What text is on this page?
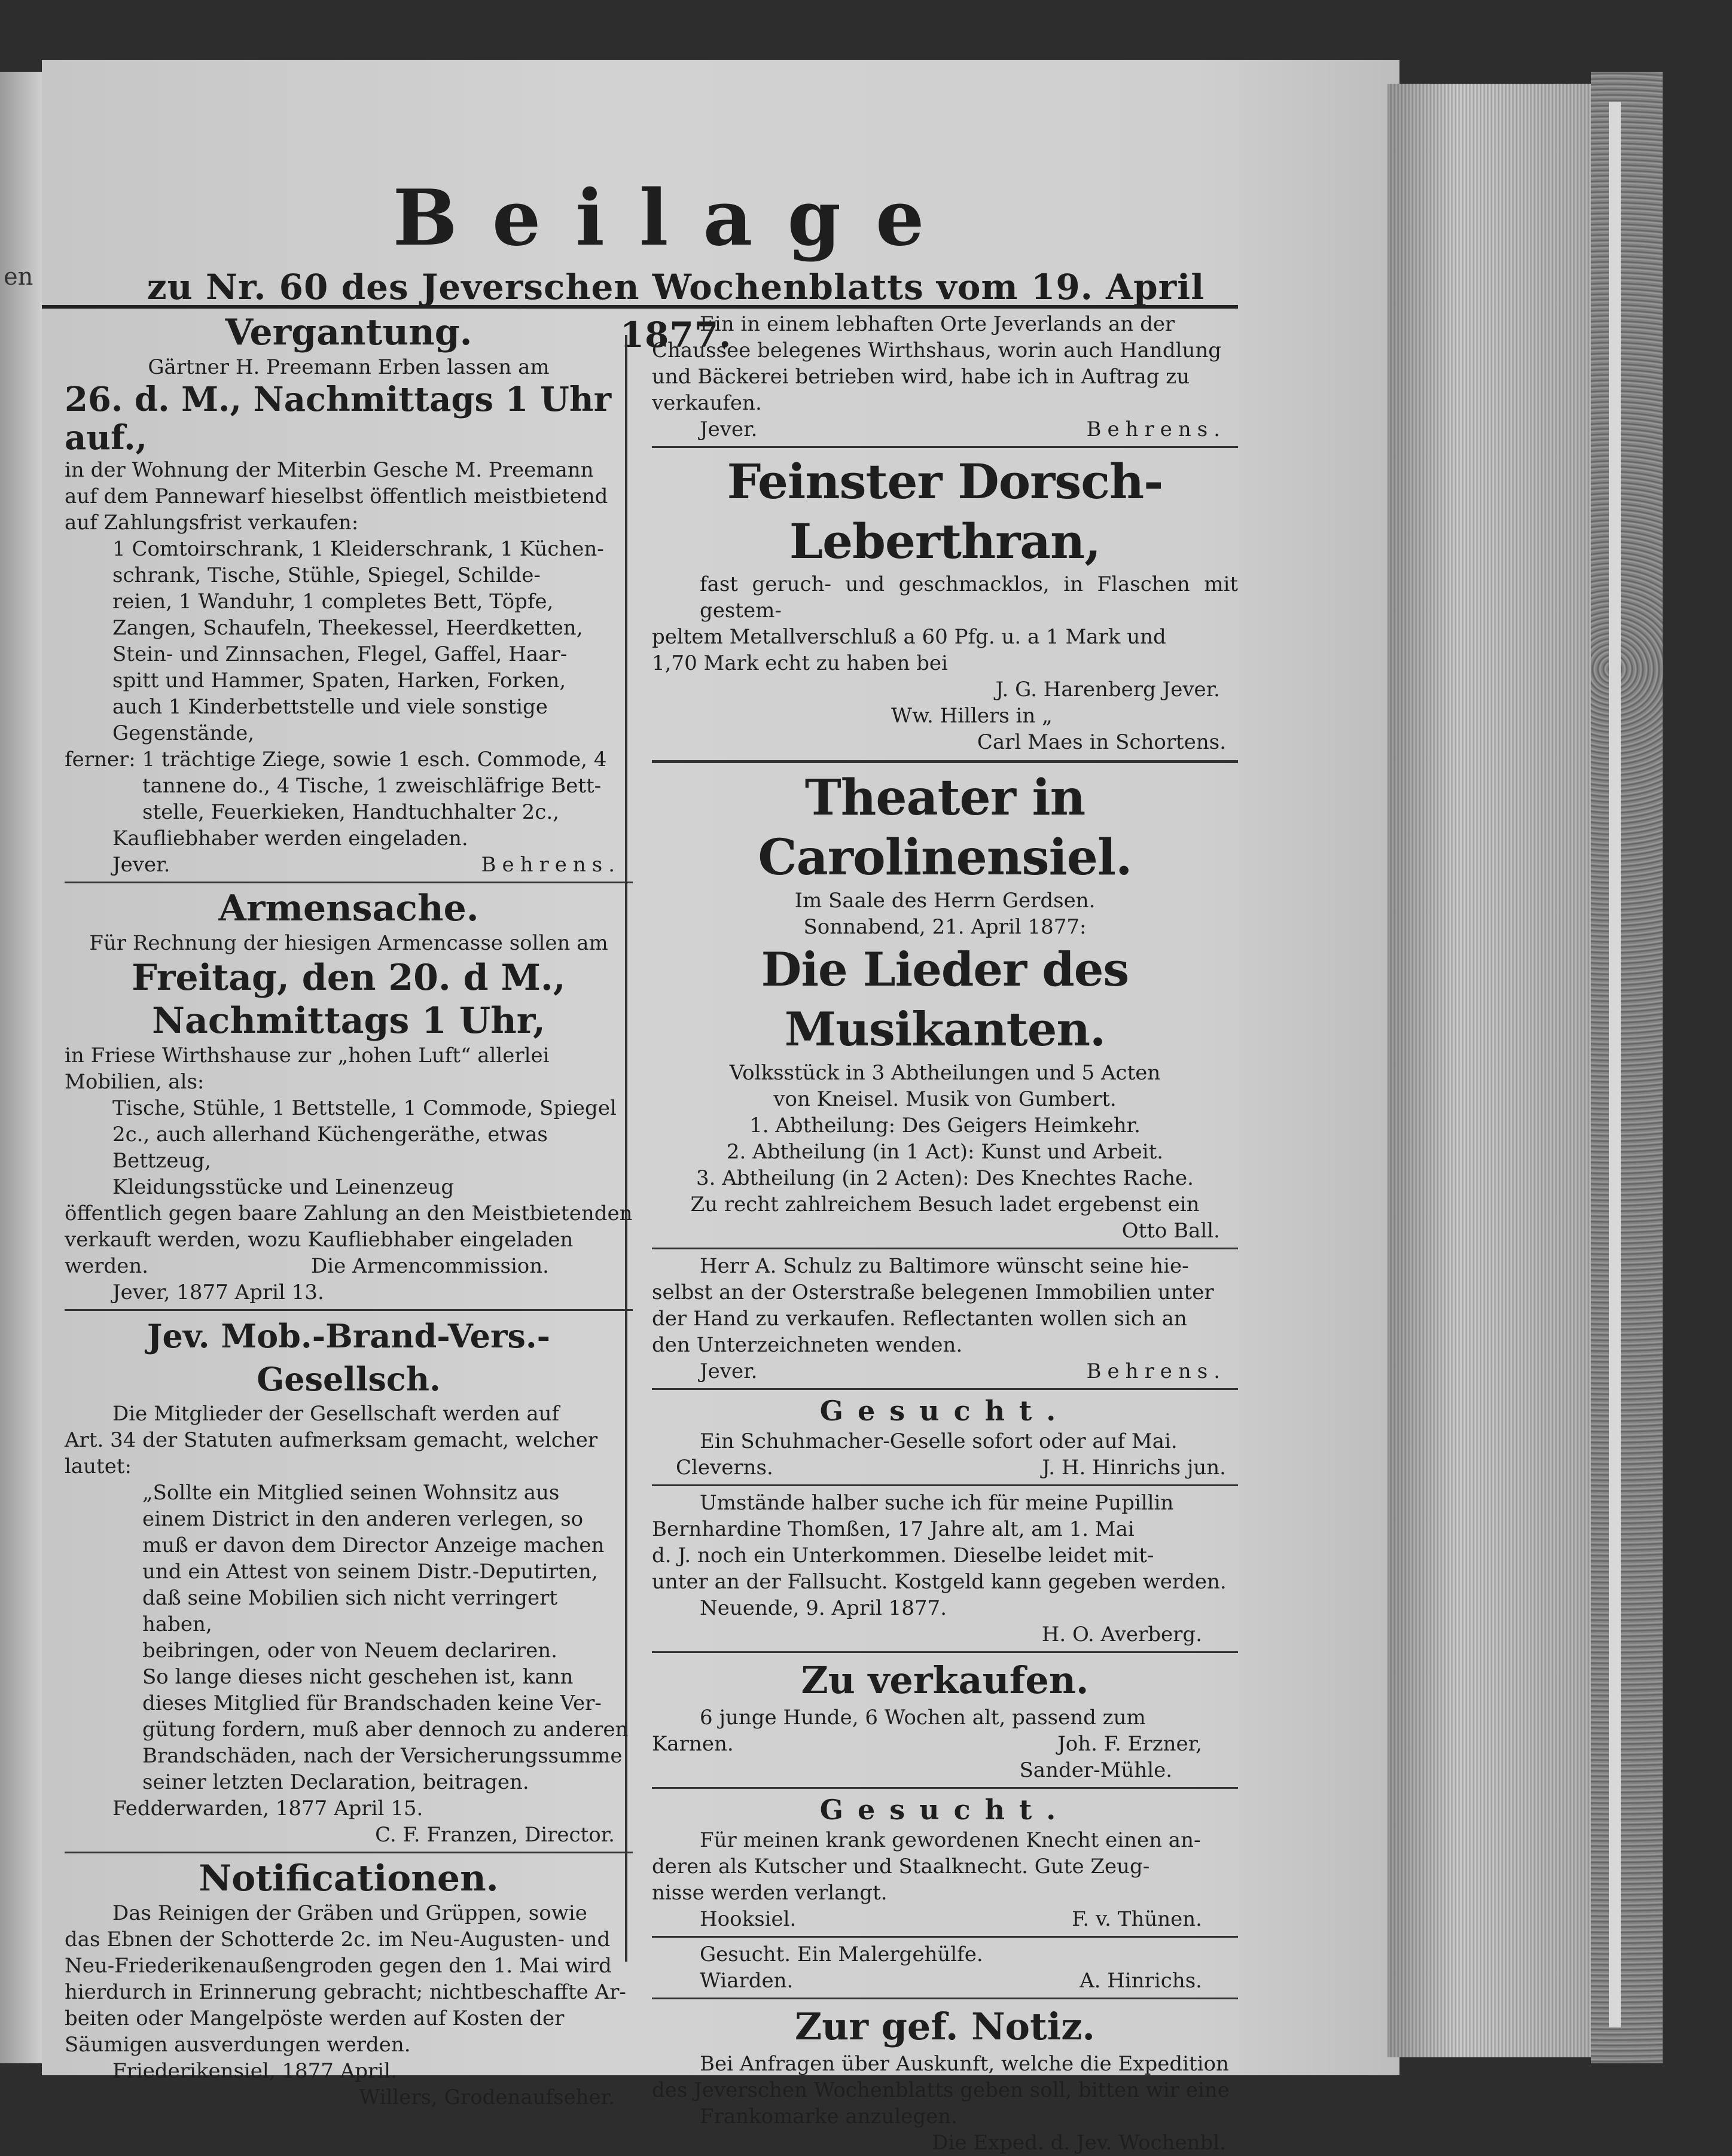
en
Beilage
zu Nr. 60 des Jeverschen Wochenblatts vom 19. April 1877.
Vergantung.

Gärtner H. Preemann Erben lassen am

26. d. M., Nachmittags 1 Uhr auf.,

in der Wohnung der Miterbin Gesche M. Preemann

auf dem Pannewarf hieselbst öffentlich meistbietend

auf Zahlungsfrist verkaufen:

1 Comtoirschrank, 1 Kleiderschrank, 1 Küchen-

schrank, Tische, Stühle, Spiegel, Schilde-

reien, 1 Wanduhr, 1 completes Bett, Töpfe,

Zangen, Schaufeln, Theekessel, Heerdketten,

Stein- und Zinnsachen, Flegel, Gaffel, Haar-

spitt und Hammer, Spaten, Harken, Forken,

auch 1 Kinderbettstelle und viele sonstige

Gegenstände,

ferner: 1 trächtige Ziege, sowie 1 esch. Commode, 4

tannene do., 4 Tische, 1 zweischläfrige Bett-

stelle, Feuerkieken, Handtuchhalter 2c.,

Kaufliebhaber werden eingeladen.

Jever.	Behrens.
Armensache.

Für Rechnung der hiesigen Armencasse sollen am

Freitag, den 20. d M.,
Nachmittags 1 Uhr,

in Friese Wirthshause zur „hohen Luft“ allerlei

Mobilien, als:

Tische, Stühle, 1 Bettstelle, 1 Commode, Spiegel

2c., auch allerhand Küchengeräthe, etwas Bettzeug,

Kleidungsstücke und Leinenzeug

öffentlich gegen baare Zahlung an den Meistbietenden

verkauft werden, wozu Kaufliebhaber eingeladen

werden.	Die Armencommission.

Jever, 1877 April 13.

Jev. Mob.-Brand-Vers.-Gesellsch.

Die Mitglieder der Gesellschaft werden auf

Art. 34 der Statuten aufmerksam gemacht, welcher

lautet:

„Sollte ein Mitglied seinen Wohnsitz aus

einem District in den anderen verlegen, so

muß er davon dem Director Anzeige machen

und ein Attest von seinem Distr.-Deputirten,

daß seine Mobilien sich nicht verringert haben,

beibringen, oder von Neuem declariren.

So lange dieses nicht geschehen ist, kann

dieses Mitglied für Brandschaden keine Ver-

gütung fordern, muß aber dennoch zu anderen

Brandschäden, nach der Versicherungssumme

seiner letzten Declaration, beitragen.

Fedderwarden, 1877 April 15.

C. F. Franzen, Director.

Notificationen.

Das Reinigen der Gräben und Grüppen, sowie

das Ebnen der Schotterde 2c. im Neu-Augusten- und

Neu-Friederikenaußengroden gegen den 1. Mai wird

hierdurch in Erinnerung gebracht; nichtbeschaffte Ar-

beiten oder Mangelpöste werden auf Kosten der

Säumigen ausverdungen werden.

Friederikensiel, 1877 April.

Willers, Grodenaufseher.

Ein in einem lebhaften Orte Jeverlands an der

Chaussee belegenes Wirthshaus, worin auch Handlung

und Bäckerei betrieben wird, habe ich in Auftrag zu

verkaufen.

Jever.	Behrens.
Feinster Dorsch-Leberthran,

fast geruch- und geschmacklos, in Flaschen mit gestem-

peltem Metallverschluß a 60 Pfg. u. a 1 Mark und

1,70 Mark echt zu haben bei

J. G. Harenberg Jever.

Ww. Hillers in „

Carl Maes in Schortens.

Theater in Carolinensiel.

Im Saale des Herrn Gerdsen.

Sonnabend, 21. April 1877:

Die Lieder des Musikanten.

Volksstück in 3 Abtheilungen und 5 Acten

von Kneisel. Musik von Gumbert.

1. Abtheilung: Des Geigers Heimkehr.

2. Abtheilung (in 1 Act): Kunst und Arbeit.

3. Abtheilung (in 2 Acten): Des Knechtes Rache.

Zu recht zahlreichem Besuch ladet ergebenst ein

Otto Ball.

Herr A. Schulz zu Baltimore wünscht seine hie-

selbst an der Osterstraße belegenen Immobilien unter

der Hand zu verkaufen. Reflectanten wollen sich an

den Unterzeichneten wenden.

Jever.	Behrens.
Gesucht.

Ein Schuhmacher-Geselle sofort oder auf Mai.

Cleverns.	J. H. Hinrichs jun.

Umstände halber suche ich für meine Pupillin

Bernhardine Thomßen, 17 Jahre alt, am 1. Mai

d. J. noch ein Unterkommen. Dieselbe leidet mit-

unter an der Fallsucht. Kostgeld kann gegeben werden.

Neuende, 9. April 1877.

H. O. Averberg.

Zu verkaufen.

6 junge Hunde, 6 Wochen alt, passend zum

Karnen.	Joh. F. Erzner,

Sander-Mühle.

Gesucht.

Für meinen krank gewordenen Knecht einen an-

deren als Kutscher und Staalknecht. Gute Zeug-

nisse werden verlangt.

Hooksiel.	F. v. Thünen.

Gesucht. Ein Malergehülfe.

Wiarden.	A. Hinrichs.
Zur gef. Notiz.

Bei Anfragen über Auskunft, welche die Expedition

des Jeverschen Wochenblatts geben soll, bitten wir eine

Frankomarke anzulegen.

Die Exped. d. Jev. Wochenbl.
